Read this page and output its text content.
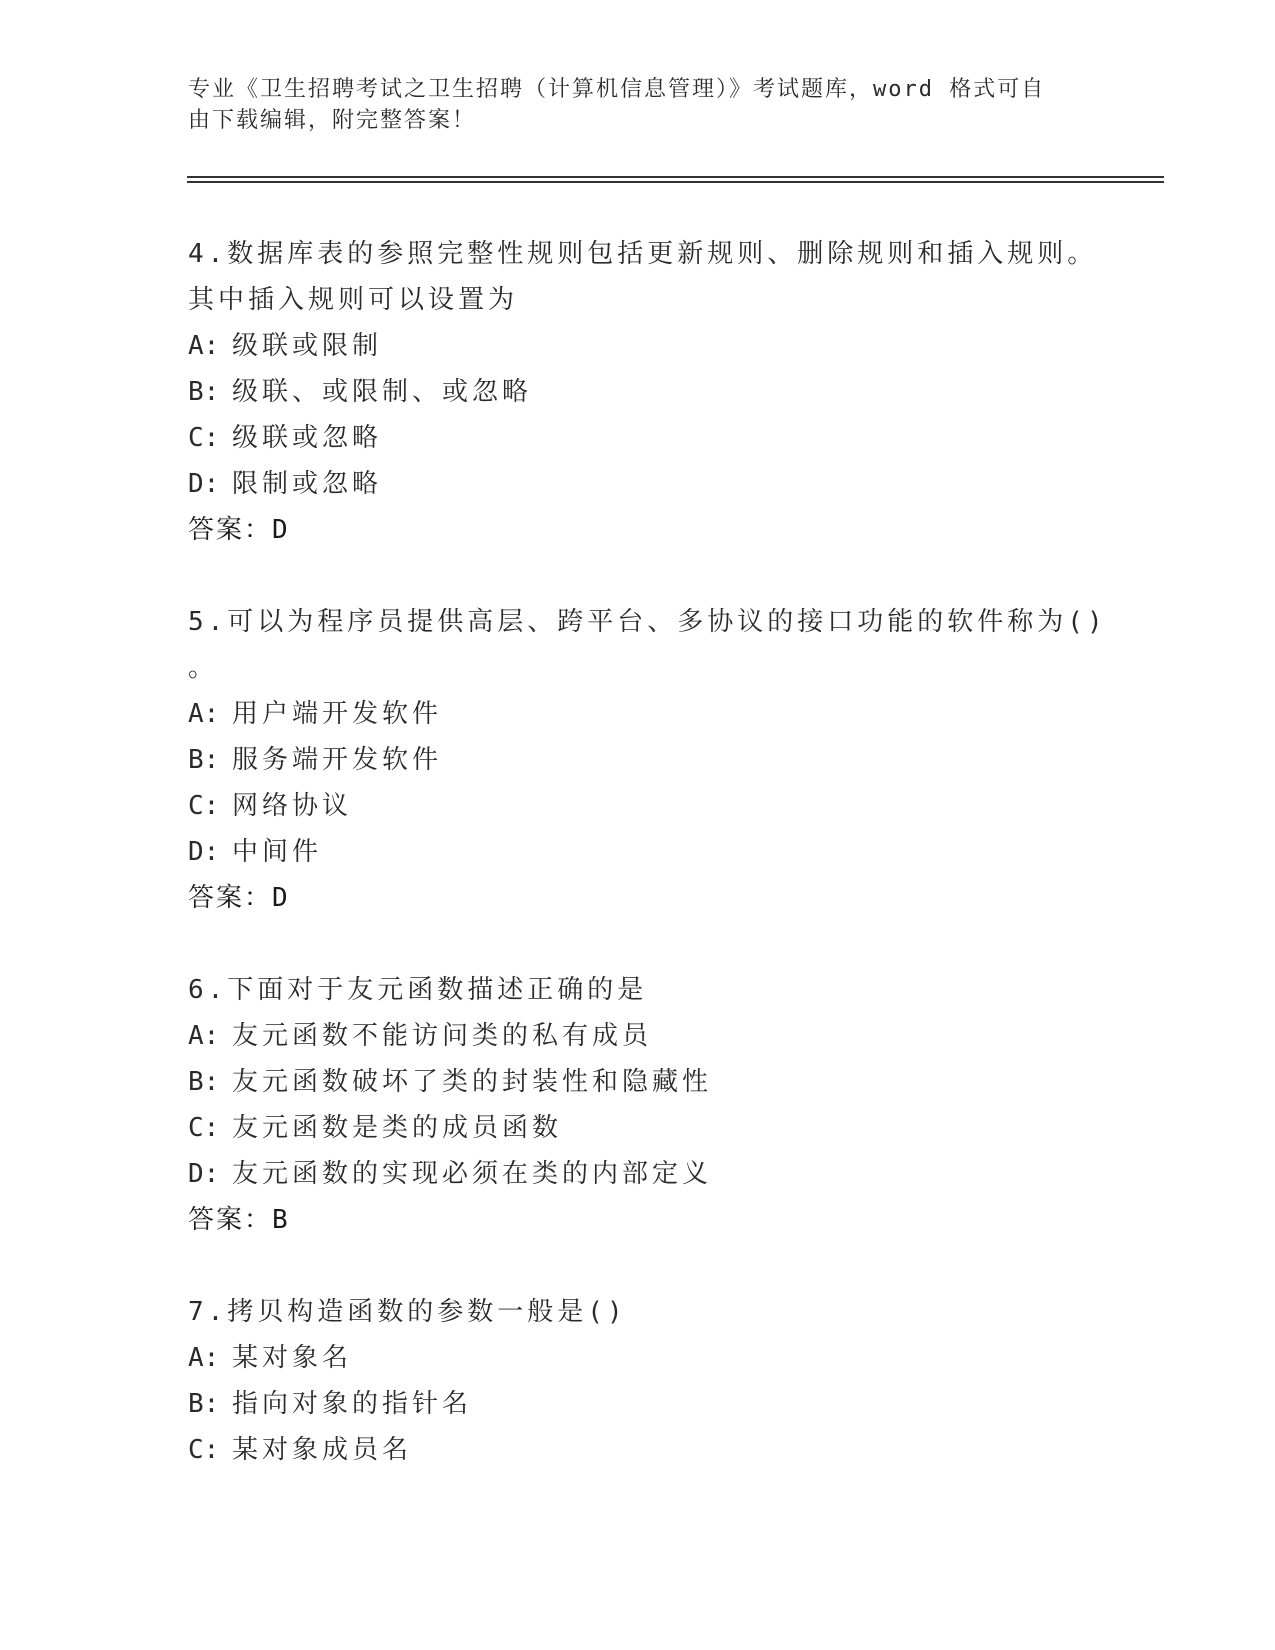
专业《卫生招聘考试之卫生招聘（计算机信息管理）》考试题库，word 格式可自
由下载编辑，附完整答案！
4.数据库表的参照完整性规则包括更新规则、删除规则和插入规则。
其中插入规则可以设置为
A: 级联或限制
B: 级联、或限制、或忽略
C: 级联或忽略
D: 限制或忽略
答案：D
5.可以为程序员提供高层、跨平台、多协议的接口功能的软件称为()
。
A: 用户端开发软件
B: 服务端开发软件
C: 网络协议
D: 中间件
答案：D
6.下面对于友元函数描述正确的是
A: 友元函数不能访问类的私有成员
B: 友元函数破坏了类的封装性和隐藏性
C: 友元函数是类的成员函数
D: 友元函数的实现必须在类的内部定义
答案：B
7.拷贝构造函数的参数一般是()
A: 某对象名
B: 指向对象的指针名
C: 某对象成员名
